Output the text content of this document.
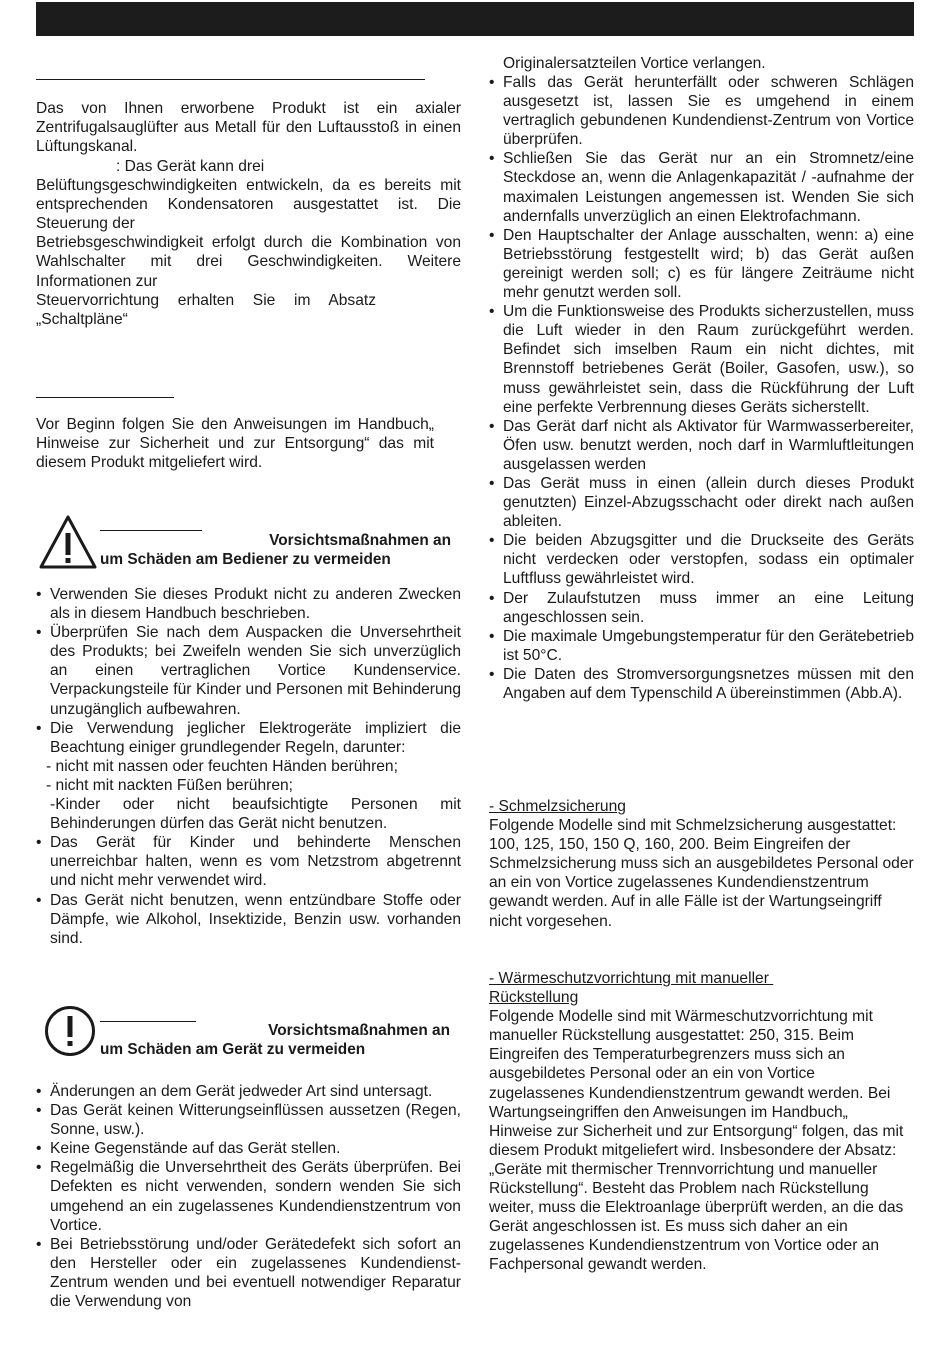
Vorsichtsmaßnahmen an
um Schäden am Bediener zu vermeiden
Vorsichtsmaßnahmen an
um Schäden am Gerät zu vermeiden

Das von Ihnen erworbene Produkt ist ein axialer Zentrifugalsauglüfter aus Metall für den Luftausstoß in einen Lüftungskanal.

: Das Gerät kann drei

Belüftungsgeschwindigkeiten entwickeln, da es bereits mit entsprechenden Kondensatoren ausgestattet ist. Die Steuerung der

Betriebsgeschwindigkeit erfolgt durch die Kombination von Wahlschalter mit drei Geschwindigkeiten. Weitere Informationen zur

Steuervorrichtung erhalten Sie im Absatz „Schaltpläne“

Vor Beginn folgen Sie den Anweisungen im Handbuch„ Hinweise zur Sicherheit und zur Entsorgung“ das mit diesem Produkt mitgeliefert wird.

• Verwenden Sie dieses Produkt nicht zu anderen Zwecken als in diesem Handbuch beschrieben.
• Überprüfen Sie nach dem Auspacken die Unversehrtheit des Produkts; bei Zweifeln wenden Sie sich unverzüglich an einen vertraglichen Vortice Kundenservice. Verpackungsteile für Kinder und Personen mit Behinderung unzugänglich aufbewahren.
• Die Verwendung jeglicher Elektrogeräte impliziert die Beachtung einiger grundlegender Regeln, darunter:

- nicht mit nassen oder feuchten Händen berühren;

- nicht mit nackten Füßen berühren;

-Kinder oder nicht beaufsichtigte Personen mit Behinderungen dürfen das Gerät nicht benutzen.

• Das Gerät für Kinder und behinderte Menschen unerreichbar halten, wenn es vom Netzstrom abgetrennt und nicht mehr verwendet wird.
• Das Gerät nicht benutzen, wenn entzündbare Stoffe oder Dämpfe, wie Alkohol, Insektizide, Benzin usw. vorhanden sind.
• Änderungen an dem Gerät jedweder Art sind untersagt.
• Das Gerät keinen Witterungseinflüssen aussetzen (Regen, Sonne, usw.).
• Keine Gegenstände auf das Gerät stellen.
• Regelmäßig die Unversehrtheit des Geräts überprüfen. Bei Defekten es nicht verwenden, sondern wenden Sie sich umgehend an ein zugelassenes Kundendienstzentrum von Vortice.
• Bei Betriebsstörung und/oder Gerätedefekt sich sofort an den Hersteller oder ein zugelassenes Kundendienst-Zentrum wenden und bei eventuell notwendiger Reparatur die Verwendung von

Originalersatzteilen Vortice verlangen.

• Falls das Gerät herunterfällt oder schweren Schlägen ausgesetzt ist, lassen Sie es umgehend in einem vertraglich gebundenen Kundendienst-Zentrum von Vortice überprüfen.
• Schließen Sie das Gerät nur an ein Stromnetz/eine Steckdose an, wenn die Anlagenkapazität / -aufnahme der maximalen Leistungen angemessen ist. Wenden Sie sich andernfalls unverzüglich an einen Elektrofachmann.
• Den Hauptschalter der Anlage ausschalten, wenn: a) eine Betriebsstörung festgestellt wird; b) das Gerät außen gereinigt werden soll; c) es für längere Zeiträume nicht mehr genutzt werden soll.
• Um die Funktionsweise des Produkts sicherzustellen, muss die Luft wieder in den Raum zurückgeführt werden. Befindet sich imselben Raum ein nicht dichtes, mit Brennstoff betriebenes Gerät (Boiler, Gasofen, usw.), so muss gewährleistet sein, dass die Rückführung der Luft eine perfekte Verbrennung dieses Geräts sicherstellt.
• Das Gerät darf nicht als Aktivator für Warmwasserbereiter, Öfen usw. benutzt werden, noch darf in Warmluftleitungen ausgelassen werden
• Das Gerät muss in einen (allein durch dieses Produkt genutzten) Einzel-Abzugsschacht oder direkt nach außen ableiten.
• Die beiden Abzugsgitter und die Druckseite des Geräts nicht verdecken oder verstopfen, sodass ein optimaler Luftfluss gewährleistet wird.
• Der Zulaufstutzen muss immer an eine Leitung angeschlossen sein.
• Die maximale Umgebungstemperatur für den Gerätebetrieb ist 50°C.
• Die Daten des Stromversorgungsnetzes müssen mit den Angaben auf dem Typenschild A übereinstimmen (Abb.A).

- Schmelzsicherung

Folgende Modelle sind mit Schmelzsicherung ausgestattet: 100, 125, 150, 150 Q, 160, 200. Beim Eingreifen der Schmelzsicherung muss sich an ausgebildetes Personal oder an ein von Vortice zugelassenes Kundendienstzentrum gewandt werden. Auf in alle Fälle ist der Wartungseingriff nicht vorgesehen.

- Wärmeschutzvorrichtung mit manueller

Rückstellung

Folgende Modelle sind mit Wärmeschutzvorrichtung mit manueller Rückstellung ausgestattet: 250, 315. Beim Eingreifen des Temperaturbegrenzers muss sich an ausgebildetes Personal oder an ein von Vortice zugelassenes Kundendienstzentrum gewandt werden. Bei Wartungseingriffen den Anweisungen im Handbuch„ Hinweise zur Sicherheit und zur Entsorgung“ folgen, das mit diesem Produkt mitgeliefert wird. Insbesondere der Absatz: „Geräte mit thermischer Trennvorrichtung und manueller Rückstellung“. Besteht das Problem nach Rückstellung weiter, muss die Elektroanlage überprüft werden, an die das Gerät angeschlossen ist. Es muss sich daher an ein zugelassenes Kundendienstzentrum von Vortice oder an Fachpersonal gewandt werden.
